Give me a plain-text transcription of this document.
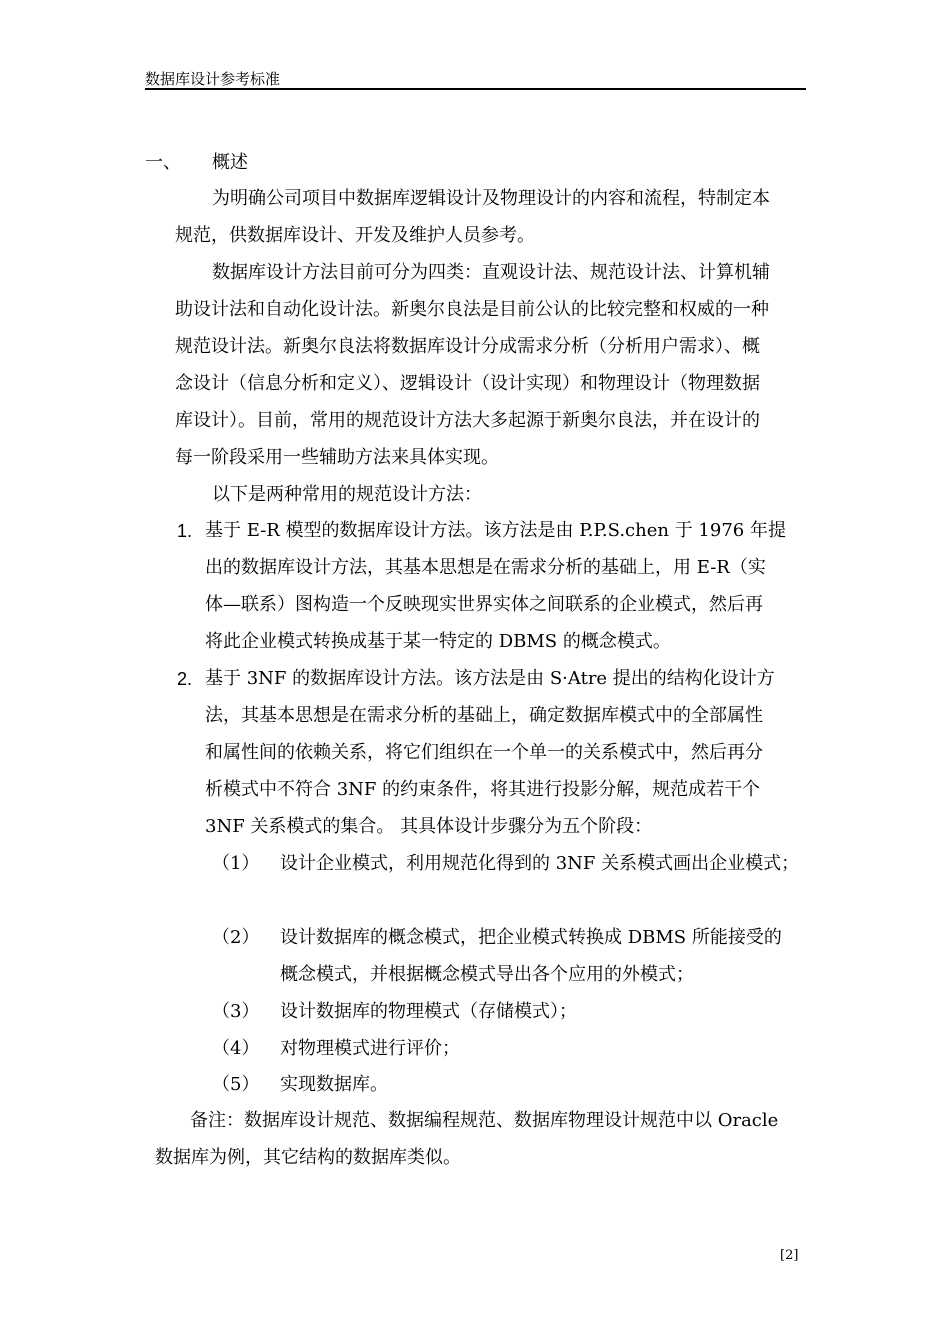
数据库设计参考标准
一、 概述
为明确公司项目中数据库逻辑设计及物理设计的内容和流程，特制定本
规范，供数据库设计、开发及维护人员参考。
数据库设计方法目前可分为四类：直观设计法、规范设计法、计算机辅
助设计法和自动化设计法。新奥尔良法是目前公认的比较完整和权威的一种
规范设计法。新奥尔良法将数据库设计分成需求分析（分析用户需求）、概
念设计（信息分析和定义）、逻辑设计（设计实现）和物理设计（物理数据
库设计）。目前，常用的规范设计方法大多起源于新奥尔良法，并在设计的
每一阶段采用一些辅助方法来具体实现。
以下是两种常用的规范设计方法：
1. 基于 E-R 模型的数据库设计方法。该方法是由 P.P.S.chen 于 1976 年提
出的数据库设计方法，其基本思想是在需求分析的基础上，用 E-R（实
体—联系）图构造一个反映现实世界实体之间联系的企业模式，然后再
将此企业模式转换成基于某一特定的 DBMS 的概念模式。
2. 基于 3NF 的数据库设计方法。该方法是由 S·Atre 提出的结构化设计方
法，其基本思想是在需求分析的基础上，确定数据库模式中的全部属性
和属性间的依赖关系，将它们组织在一个单一的关系模式中，然后再分
析模式中不符合 3NF 的约束条件，将其进行投影分解，规范成若干个
3NF 关系模式的集合。 其具体设计步骤分为五个阶段：
（1） 设计企业模式，利用规范化得到的 3NF 关系模式画出企业模式；
（2） 设计数据库的概念模式，把企业模式转换成 DBMS 所能接受的
概念模式，并根据概念模式导出各个应用的外模式；
（3） 设计数据库的物理模式（存储模式）；
（4） 对物理模式进行评价；
（5） 实现数据库。
备注：数据库设计规范、数据编程规范、数据库物理设计规范中以 Oracle
数据库为例，其它结构的数据库类似。
[2]
